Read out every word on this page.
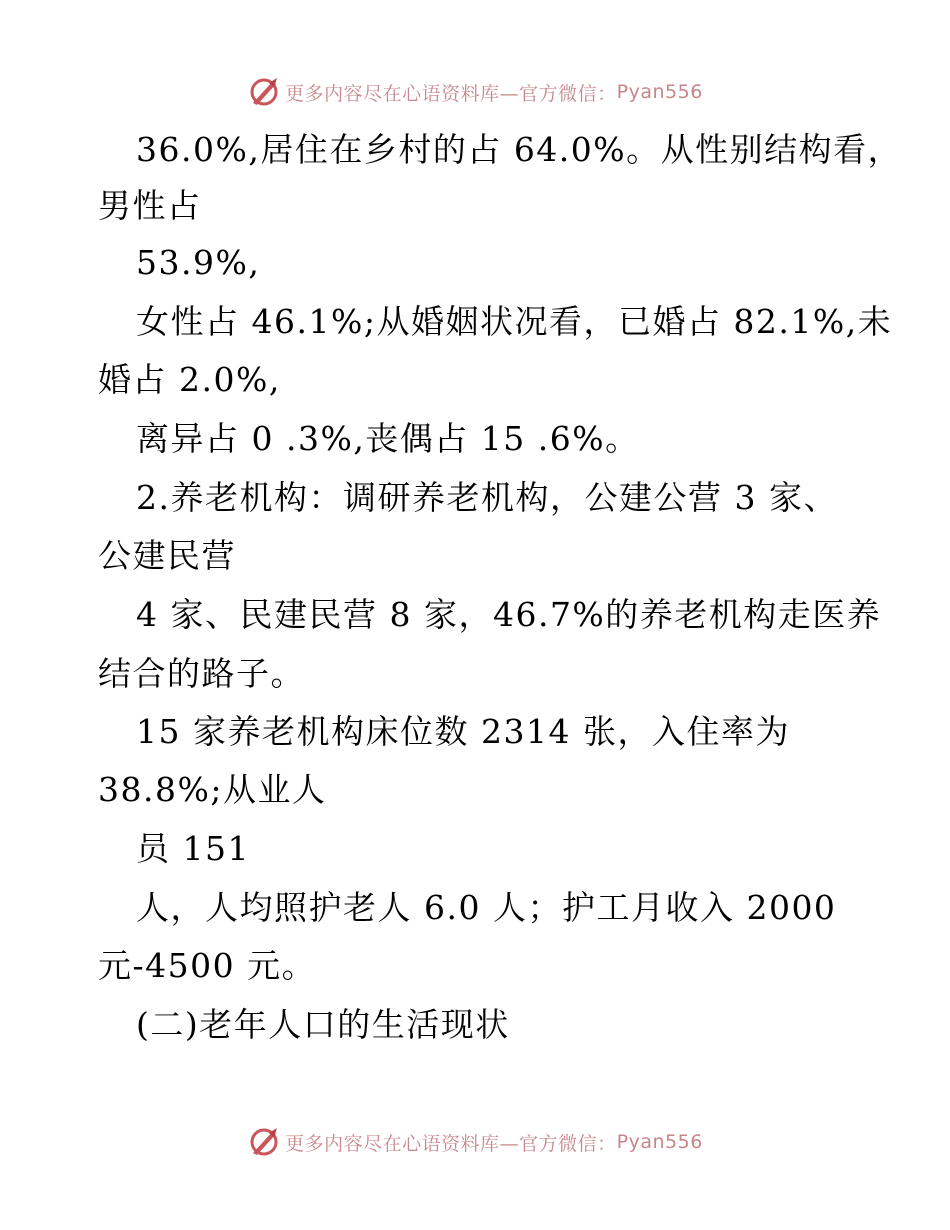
更多内容尽在心语资料库—官方微信： Pyan556
36.0%,居住在乡村的占 64.0%。从性别结构看，
男性占
53.9%,
女性占 46.1%;从婚姻状况看，已婚占 82.1%,未
婚占 2.0%,
离异占 0 .3%,丧偶占 15 .6%。
2.养老机构：调研养老机构，公建公营 3 家、
公建民营
4 家、民建民营 8 家，46.7%的养老机构走医养
结合的路子。
15 家养老机构床位数 2314 张，入住率为
38.8%;从业人
员 151
人，人均照护老人 6.0 人；护工月收入 2000
元-4500 元。
(二)老年人口的生活现状
更多内容尽在心语资料库—官方微信： Pyan556
